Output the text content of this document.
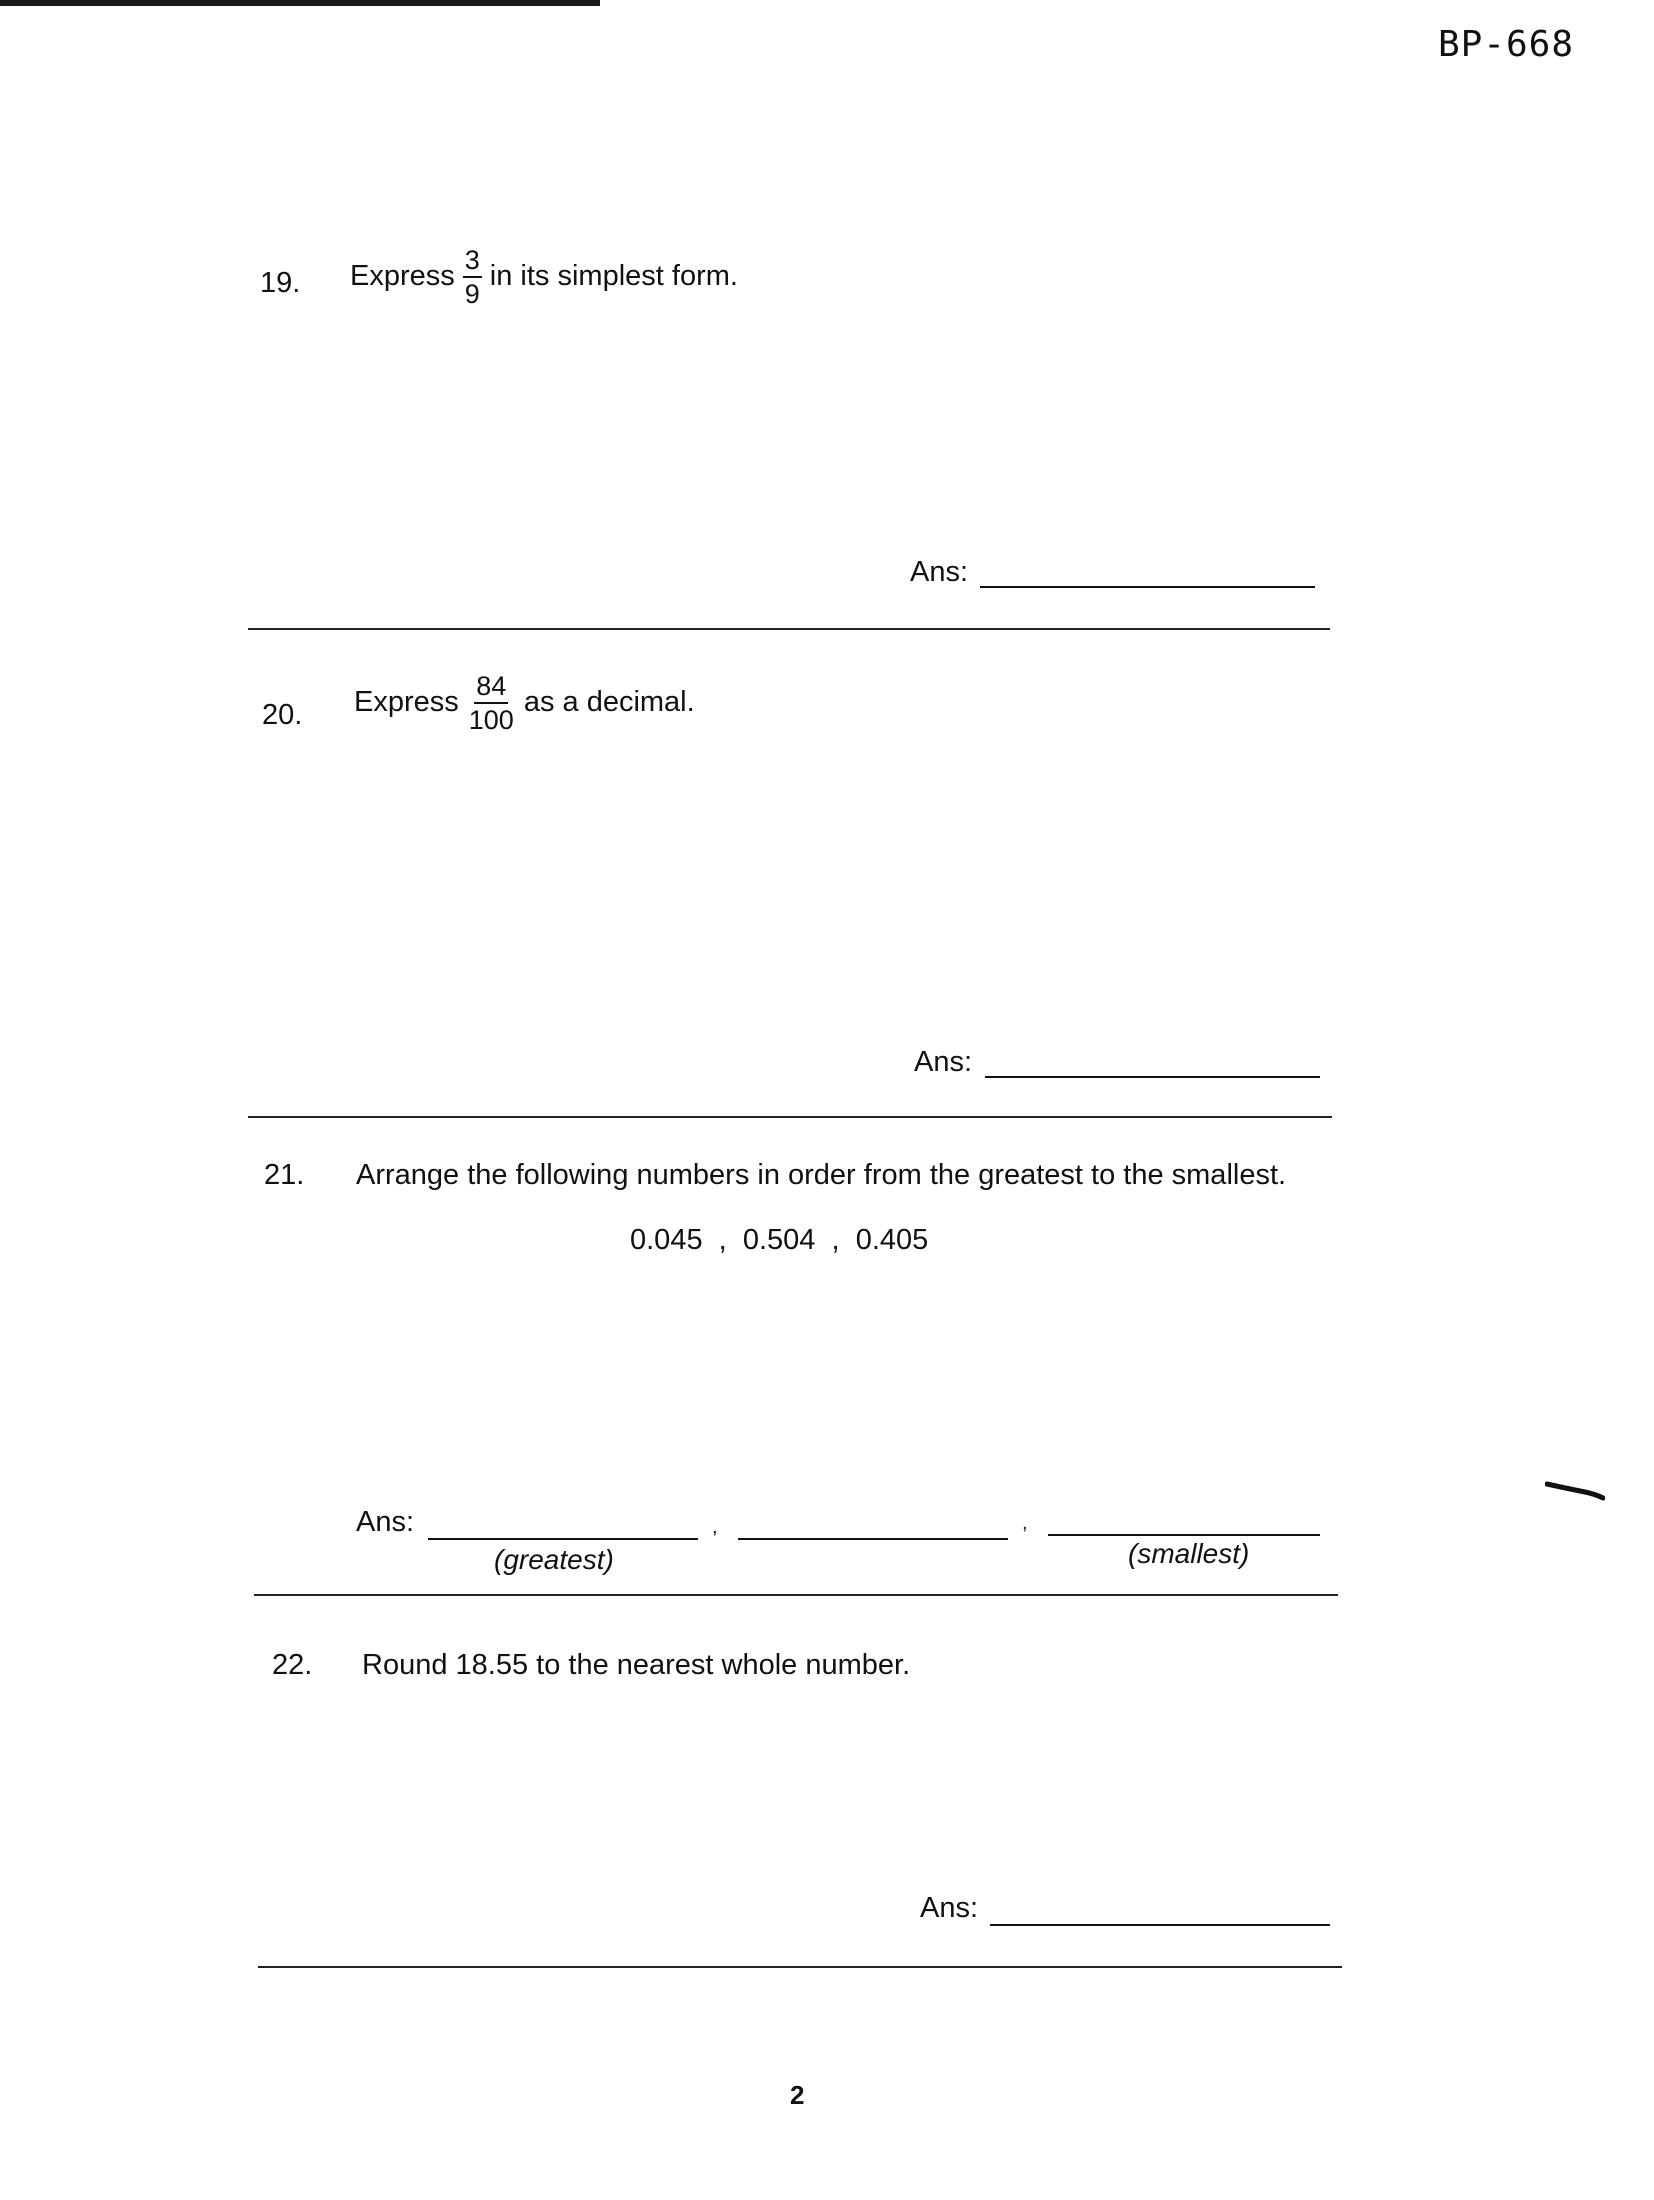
BP-668
19. Express $\frac{3}{9}$ in its simplest form.
Ans:
20. Express $\frac{84}{100}$ as a decimal.
Ans:
21. Arrange the following numbers in order from the greatest to the smallest.
0.045  ,  0.504  ,  0.405
Ans:	,	,
(greatest)	(smallest)
22. Round 18.55 to the nearest whole number.
Ans:
2
